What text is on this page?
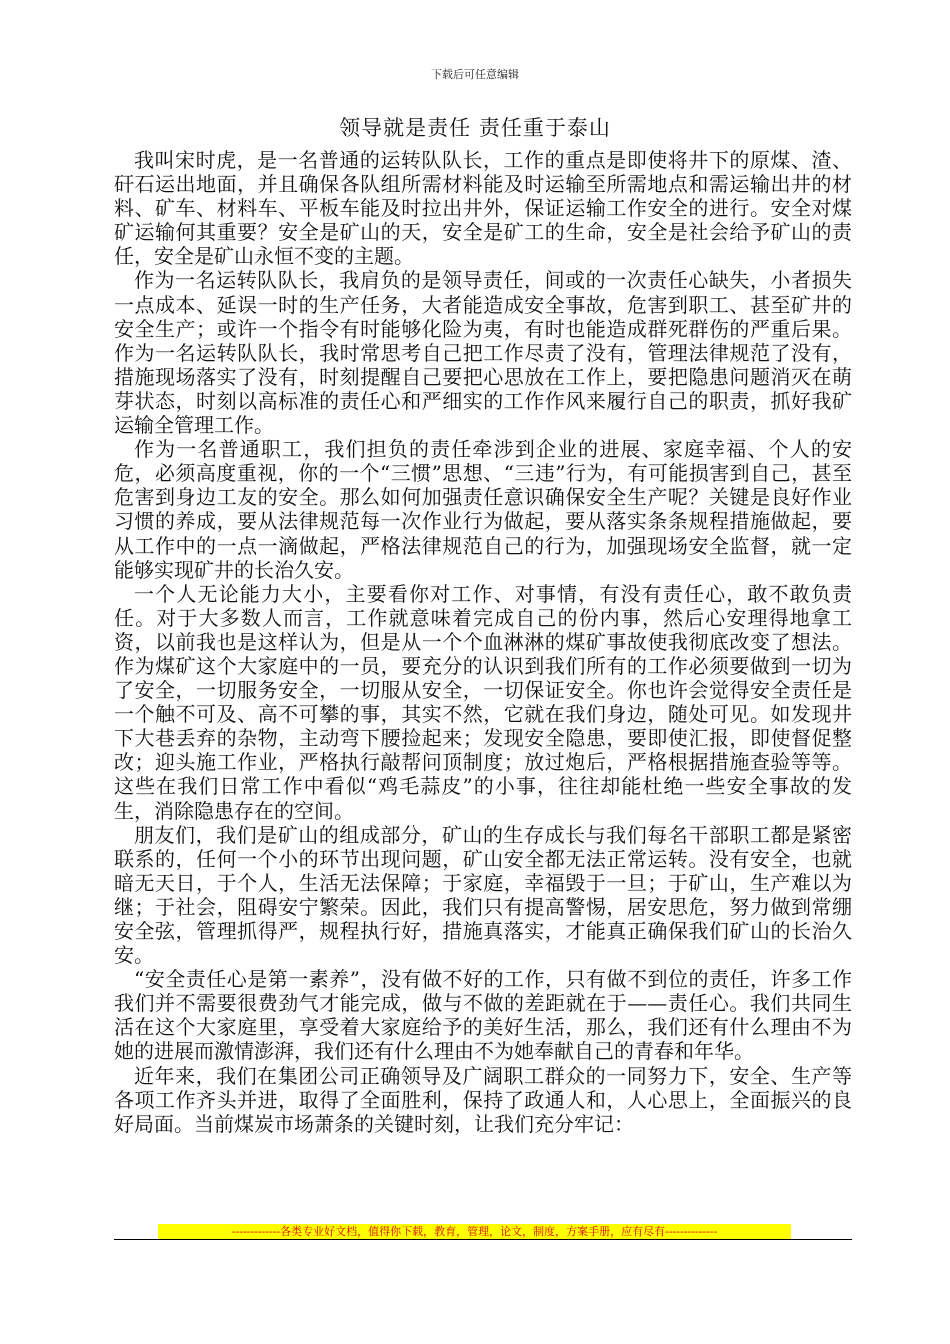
下载后可任意编辑
领导就是责任 责任重于泰山

我叫宋时虎，是一名普通的运转队队长，工作的重点是即使将井下的原煤、渣、矸石运出地面，并且确保各队组所需材料能及时运输至所需地点和需运输出井的材料、矿车、材料车、平板车能及时拉出井外，保证运输工作安全的进行。安全对煤矿运输何其重要？安全是矿山的天，安全是矿工的生命，安全是社会给予矿山的责任，安全是矿山永恒不变的主题。

作为一名运转队队长，我肩负的是领导责任，间或的一次责任心缺失，小者损失一点成本、延误一时的生产任务，大者能造成安全事故，危害到职工、甚至矿井的安全生产；或许一个指令有时能够化险为夷，有时也能造成群死群伤的严重后果。作为一名运转队队长，我时常思考自己把工作尽责了没有，管理法律规范了没有，措施现场落实了没有，时刻提醒自己要把心思放在工作上，要把隐患问题消灭在萌芽状态，时刻以高标准的责任心和严细实的工作作风来履行自己的职责，抓好我矿运输全管理工作。

作为一名普通职工，我们担负的责任牵涉到企业的进展、家庭幸福、个人的安危，必须高度重视，你的一个“三惯”思想、“三违”行为，有可能损害到自己，甚至危害到身边工友的安全。那么如何加强责任意识确保安全生产呢？关键是良好作业习惯的养成，要从法律规范每一次作业行为做起，要从落实条条规程措施做起，要从工作中的一点一滴做起，严格法律规范自己的行为，加强现场安全监督，就一定能够实现矿井的长治久安。

一个人无论能力大小，主要看你对工作、对事情，有没有责任心，敢不敢负责任。对于大多数人而言，工作就意味着完成自己的份内事，然后心安理得地拿工资，以前我也是这样认为，但是从一个个血淋淋的煤矿事故使我彻底改变了想法。作为煤矿这个大家庭中的一员，要充分的认识到我们所有的工作必须要做到一切为了安全，一切服务安全，一切服从安全，一切保证安全。你也许会觉得安全责任是一个触不可及、高不可攀的事，其实不然，它就在我们身边，随处可见。如发现井下大巷丢弃的杂物，主动弯下腰捡起来；发现安全隐患，要即使汇报，即使督促整改；迎头施工作业，严格执行敲帮问顶制度；放过炮后，严格根据措施查验等等。这些在我们日常工作中看似“鸡毛蒜皮”的小事，往往却能杜绝一些安全事故的发生，消除隐患存在的空间。

朋友们，我们是矿山的组成部分，矿山的生存成长与我们每名干部职工都是紧密联系的，任何一个小的环节出现问题，矿山安全都无法正常运转。没有安全，也就暗无天日，于个人，生活无法保障；于家庭，幸福毁于一旦；于矿山，生产难以为继；于社会，阻碍安宁繁荣。因此，我们只有提高警惕，居安思危，努力做到常绷安全弦，管理抓得严，规程执行好，措施真落实，才能真正确保我们矿山的长治久安。

“安全责任心是第一素养”，没有做不好的工作，只有做不到位的责任，许多工作我们并不需要很费劲气才能完成，做与不做的差距就在于——责任心。我们共同生活在这个大家庭里，享受着大家庭给予的美好生活，那么，我们还有什么理由不为她的进展而激情澎湃，我们还有什么理由不为她奉献自己的青春和年华。

近年来，我们在集团公司正确领导及广阔职工群众的一同努力下，安全、生产等各项工作齐头并进，取得了全面胜利，保持了政通人和，人心思上，全面振兴的良好局面。当前煤炭市场萧条的关键时刻，让我们充分牢记：

-------------各类专业好文档，值得你下载，教育，管理，论文，制度，方案手册，应有尽有--------------
